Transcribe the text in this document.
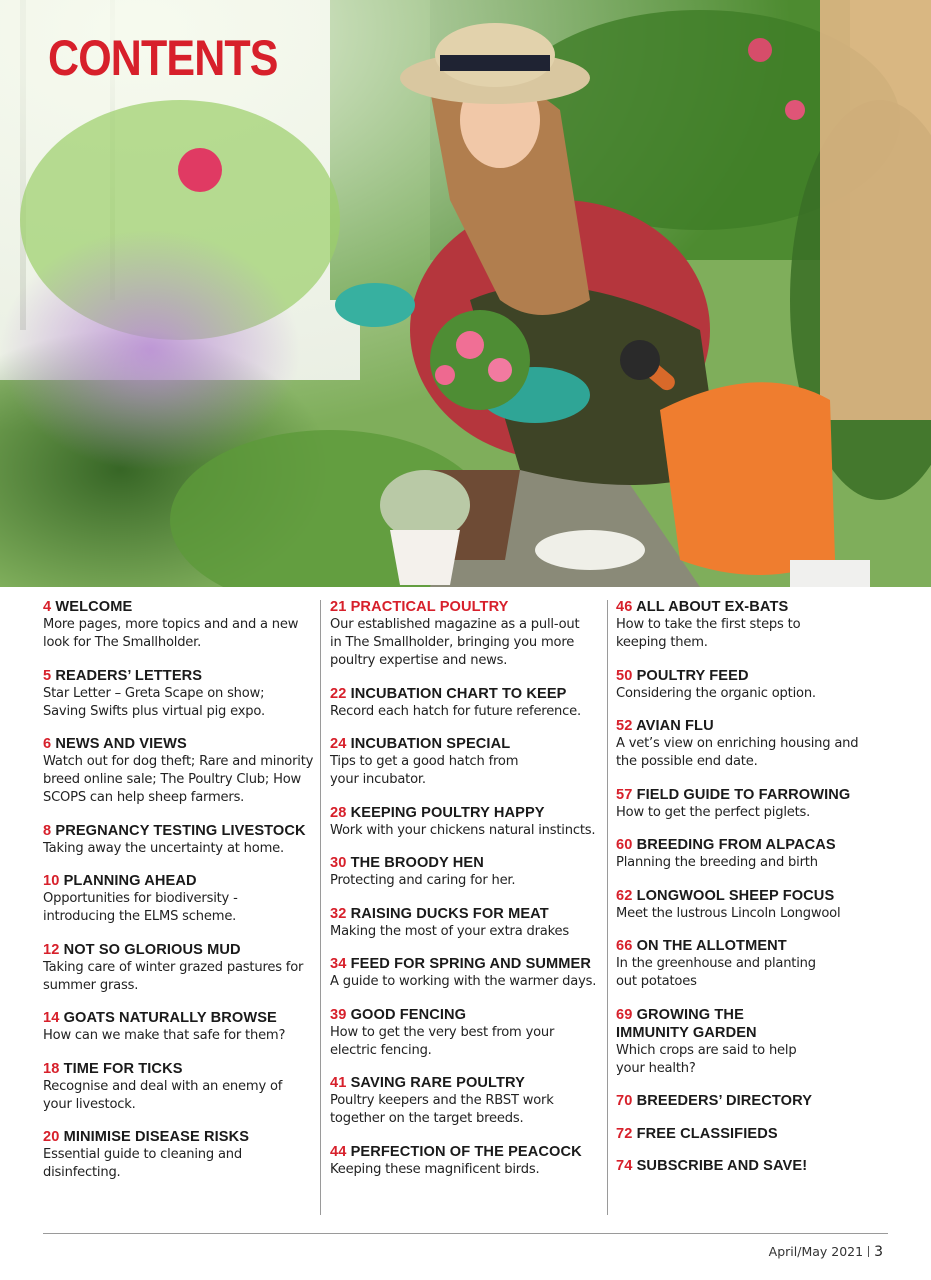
CONTENTS
4 WELCOME
More pages, more topics and and a new
look for The Smallholder.
5 READERS’ LETTERS
Star Letter – Greta Scape on show;
Saving Swifts plus virtual pig expo.
6 NEWS AND VIEWS
Watch out for dog theft; Rare and minority
breed online sale; The Poultry Club; How
SCOPS can help sheep farmers.
8 PREGNANCY TESTING LIVESTOCK
Taking away the uncertainty at home.
10 PLANNING AHEAD
Opportunities for biodiversity -
introducing the ELMS scheme.
12 NOT SO GLORIOUS MUD
Taking care of winter grazed pastures for
summer grass.
14 GOATS NATURALLY BROWSE
How can we make that safe for them?
18 TIME FOR TICKS
Recognise and deal with an enemy of
your livestock.
20 MINIMISE DISEASE RISKS
Essential guide to cleaning and
disinfecting.
21 PRACTICAL POULTRY
Our established magazine as a pull-out
in The Smallholder, bringing you more
poultry expertise and news.
22 INCUBATION CHART TO KEEP
Record each hatch for future reference.
24 INCUBATION SPECIAL
Tips to get a good hatch from
your incubator.
28 KEEPING POULTRY HAPPY
Work with your chickens natural instincts.
30 THE BROODY HEN
Protecting and caring for her.
32 RAISING DUCKS FOR MEAT
Making the most of your extra drakes
34 FEED FOR SPRING AND SUMMER
A guide to working with the warmer days.
39 GOOD FENCING
How to get the very best from your
electric fencing.
41 SAVING RARE POULTRY
Poultry keepers and the RBST work
together on the target breeds.
44 PERFECTION OF THE PEACOCK
Keeping these magnificent birds.
46 ALL ABOUT EX-BATS
How to take the first steps to
keeping them.
50 POULTRY FEED
Considering the organic option.
52 AVIAN FLU
A vet’s view on enriching housing and
the possible end date.
57 FIELD GUIDE TO FARROWING
How to get the perfect piglets.
60 BREEDING FROM ALPACAS
Planning the breeding and birth
62 LONGWOOL SHEEP FOCUS
Meet the lustrous Lincoln Longwool
66 ON THE ALLOTMENT
In the greenhouse and planting
out potatoes
69 GROWING THE
IMMUNITY GARDEN
Which crops are said to help
your health?
70 BREEDERS’ DIRECTORY
72 FREE CLASSIFIEDS
74 SUBSCRIBE AND SAVE!
April/May 2021 3
